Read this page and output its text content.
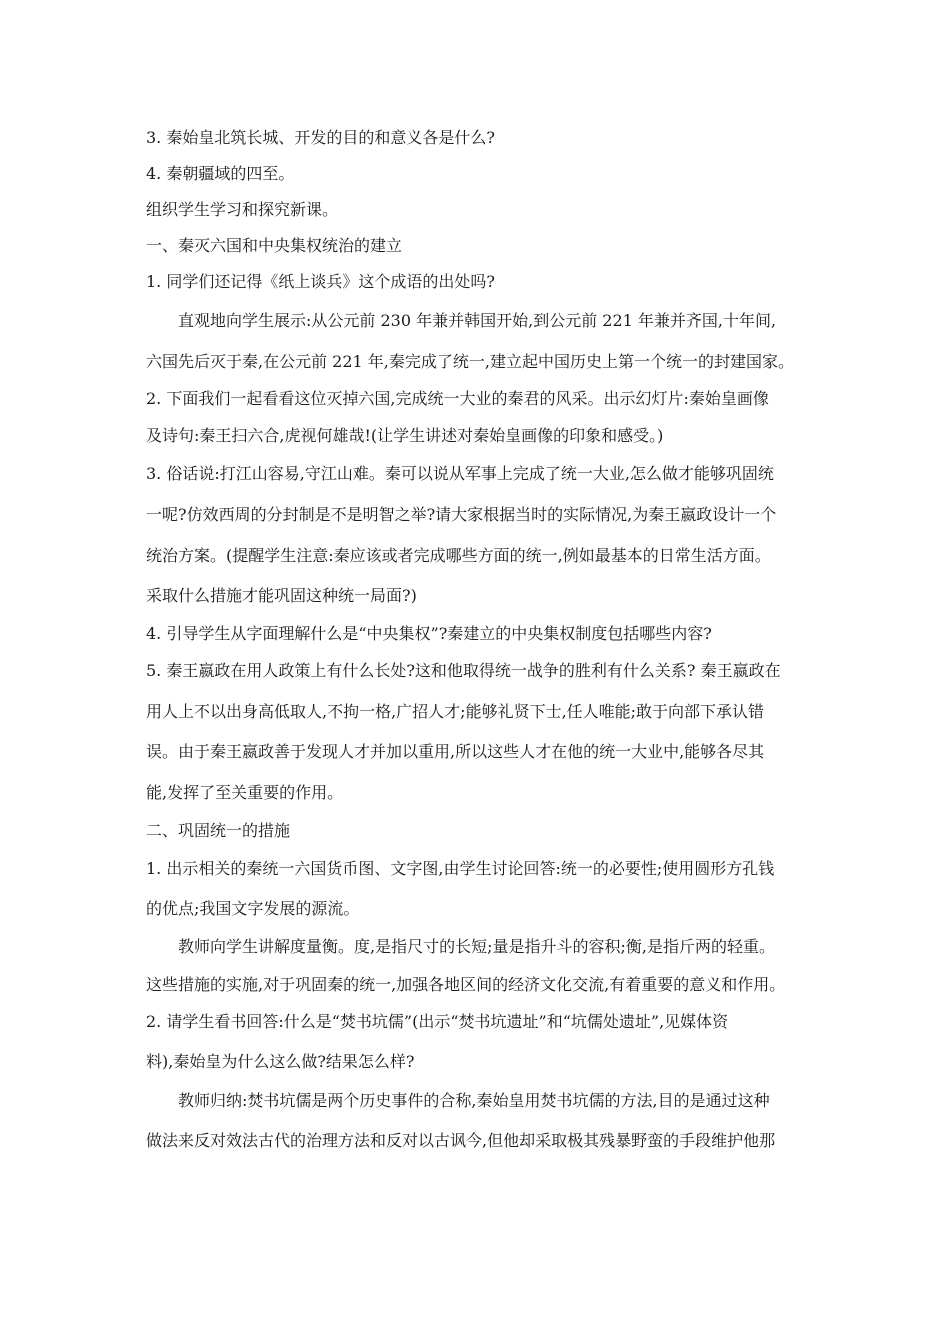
3. 秦始皇北筑长城、开发的目的和意义各是什么?
4. 秦朝疆域的四至。
组织学生学习和探究新课。
一、秦灭六国和中央集权统治的建立
1. 同学们还记得《纸上谈兵》这个成语的出处吗?
直观地向学生展示:从公元前 230 年兼并韩国开始,到公元前 221 年兼并齐国,十年间,
六国先后灭于秦,在公元前 221 年,秦完成了统一,建立起中国历史上第一个统一的封建国家。
2. 下面我们一起看看这位灭掉六国,完成统一大业的秦君的风采。出示幻灯片:秦始皇画像
及诗句:秦王扫六合,虎视何雄哉!(让学生讲述对秦始皇画像的印象和感受。)
3. 俗话说:打江山容易,守江山难。秦可以说从军事上完成了统一大业,怎么做才能够巩固统
一呢?仿效西周的分封制是不是明智之举?请大家根据当时的实际情况,为秦王嬴政设计一个
统治方案。(提醒学生注意:秦应该或者完成哪些方面的统一,例如最基本的日常生活方面。
采取什么措施才能巩固这种统一局面?)
4. 引导学生从字面理解什么是“中央集权”?秦建立的中央集权制度包括哪些内容?
5. 秦王嬴政在用人政策上有什么长处?这和他取得统一战争的胜利有什么关系? 秦王嬴政在
用人上不以出身高低取人,不拘一格,广招人才;能够礼贤下士,任人唯能;敢于向部下承认错
误。由于秦王嬴政善于发现人才并加以重用,所以这些人才在他的统一大业中,能够各尽其
能,发挥了至关重要的作用。
二、巩固统一的措施
1. 出示相关的秦统一六国货币图、文字图,由学生讨论回答:统一的必要性;使用圆形方孔钱
的优点;我国文字发展的源流。
教师向学生讲解度量衡。度,是指尺寸的长短;量是指升斗的容积;衡,是指斤两的轻重。
这些措施的实施,对于巩固秦的统一,加强各地区间的经济文化交流,有着重要的意义和作用。
2. 请学生看书回答:什么是“焚书坑儒”(出示“焚书坑遗址”和“坑儒处遗址”,见媒体资
料),秦始皇为什么这么做?结果怎么样?
教师归纳:焚书坑儒是两个历史事件的合称,秦始皇用焚书坑儒的方法,目的是通过这种
做法来反对效法古代的治理方法和反对以古讽今,但他却采取极其残暴野蛮的手段维护他那
